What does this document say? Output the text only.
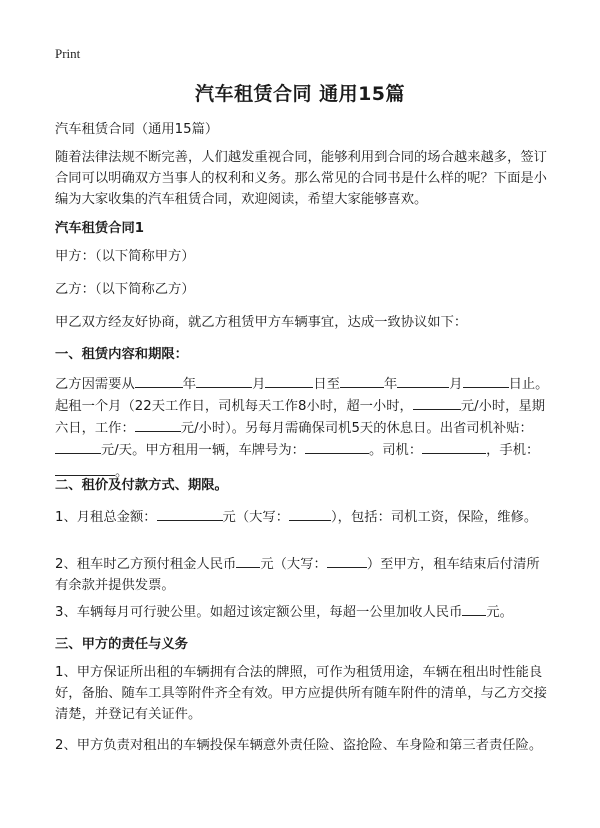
Print
汽车租赁合同 通用15篇
汽车租赁合同（通用15篇）
随着法律法规不断完善，人们越发重视合同，能够利用到合同的场合越来越多，签订合同可以明确双方当事人的权利和义务。那么常见的合同书是什么样的呢？下面是小编为大家收集的汽车租赁合同，欢迎阅读，希望大家能够喜欢。
汽车租赁合同1
甲方：（以下简称甲方）
乙方：（以下简称乙方）
甲乙双方经友好协商，就乙方租赁甲方车辆事宜，达成一致协议如下：
一、租赁内容和期限：
乙方因需要从	年	月	日至	年	月	日止。起租一个月（22天工作日，司机每天工作8小时，超一小时，	元/小时，星期六日，工作：	元/小时）。另每月需确保司机5天的休息日。出省司机补贴：元/天。甲方租用一辆，车牌号为：	。司机：	，手机：。
二、租价及付款方式、期限。
1、月租总金额：	元（大写：	），包括：司机工资，保险，维修。
2、租车时乙方预付租金人民币 元（大写：	）至甲方，租车结束后付清所有余款并提供发票。
3、车辆每月可行驶公里。如超过该定额公里，每超一公里加收人民币 元。
三、甲方的责任与义务
1、甲方保证所出租的车辆拥有合法的牌照，可作为租赁用途，车辆在租出时性能良好，备胎、随车工具等附件齐全有效。甲方应提供所有随车附件的清单，与乙方交接清楚，并登记有关证件。
2、甲方负责对租出的车辆投保车辆意外责任险、盗抢险、车身险和第三者责任险。
